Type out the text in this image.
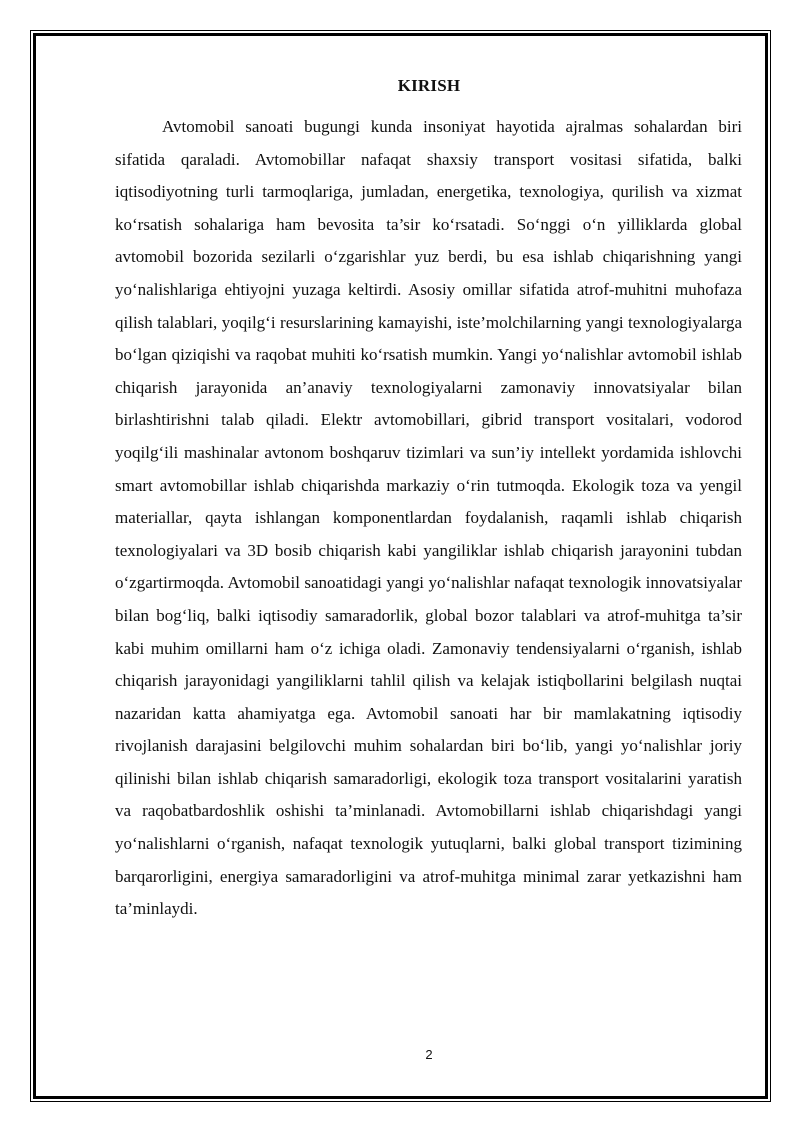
KIRISH

Avtomobil sanoati bugungi kunda insoniyat hayotida ajralmas sohalardan biri sifatida qaraladi. Avtomobillar nafaqat shaxsiy transport vositasi sifatida, balki iqtisodiyotning turli tarmoqlariga, jumladan, energetika, texnologiya, qurilish va xizmat ko‘rsatish sohalariga ham bevosita ta’sir ko‘rsatadi. So‘nggi o‘n yilliklarda global avtomobil bozorida sezilarli o‘zgarishlar yuz berdi, bu esa ishlab chiqarishning yangi yo‘nalishlariga ehtiyojni yuzaga keltirdi. Asosiy omillar sifatida atrof-muhitni muhofaza qilish talablari, yoqilg‘i resurslarining kamayishi, iste’molchilarning yangi texnologiyalarga bo‘lgan qiziqishi va raqobat muhiti ko‘rsatish mumkin. Yangi yo‘nalishlar avtomobil ishlab chiqarish jarayonida an’anaviy texnologiyalarni zamonaviy innovatsiyalar bilan birlashtirishni talab qiladi. Elektr avtomobillari, gibrid transport vositalari, vodorod yoqilg‘ili mashinalar avtonom boshqaruv tizimlari va sun’iy intellekt yordamida ishlovchi smart avtomobillar ishlab chiqarishda markaziy o‘rin tutmoqda. Ekologik toza va yengil materiallar, qayta ishlangan komponentlardan foydalanish, raqamli ishlab chiqarish texnologiyalari va 3D bosib chiqarish kabi yangiliklar ishlab chiqarish jarayonini tubdan o‘zgartirmoqda. Avtomobil sanoatidagi yangi yo‘nalishlar nafaqat texnologik innovatsiyalar bilan bog‘liq, balki iqtisodiy samaradorlik, global bozor talablari va atrof-muhitga ta’sir kabi muhim omillarni ham o‘z ichiga oladi. Zamonaviy tendensiyalarni o‘rganish, ishlab chiqarish jarayonidagi yangiliklarni tahlil qilish va kelajak istiqbollarini belgilash nuqtai nazaridan katta ahamiyatga ega. Avtomobil sanoati har bir mamlakatning iqtisodiy rivojlanish darajasini belgilovchi muhim sohalardan biri bo‘lib, yangi yo‘nalishlar joriy qilinishi bilan ishlab chiqarish samaradorligi, ekologik toza transport vositalarini yaratish va raqobatbardoshlik oshishi ta’minlanadi. Avtomobillarni ishlab chiqarishdagi yangi yo‘nalishlarni o‘rganish, nafaqat texnologik yutuqlarni, balki global transport tizimining barqarorligini, energiya samaradorligini va atrof-muhitga minimal zarar yetkazishni ham ta’minlaydi.

2
